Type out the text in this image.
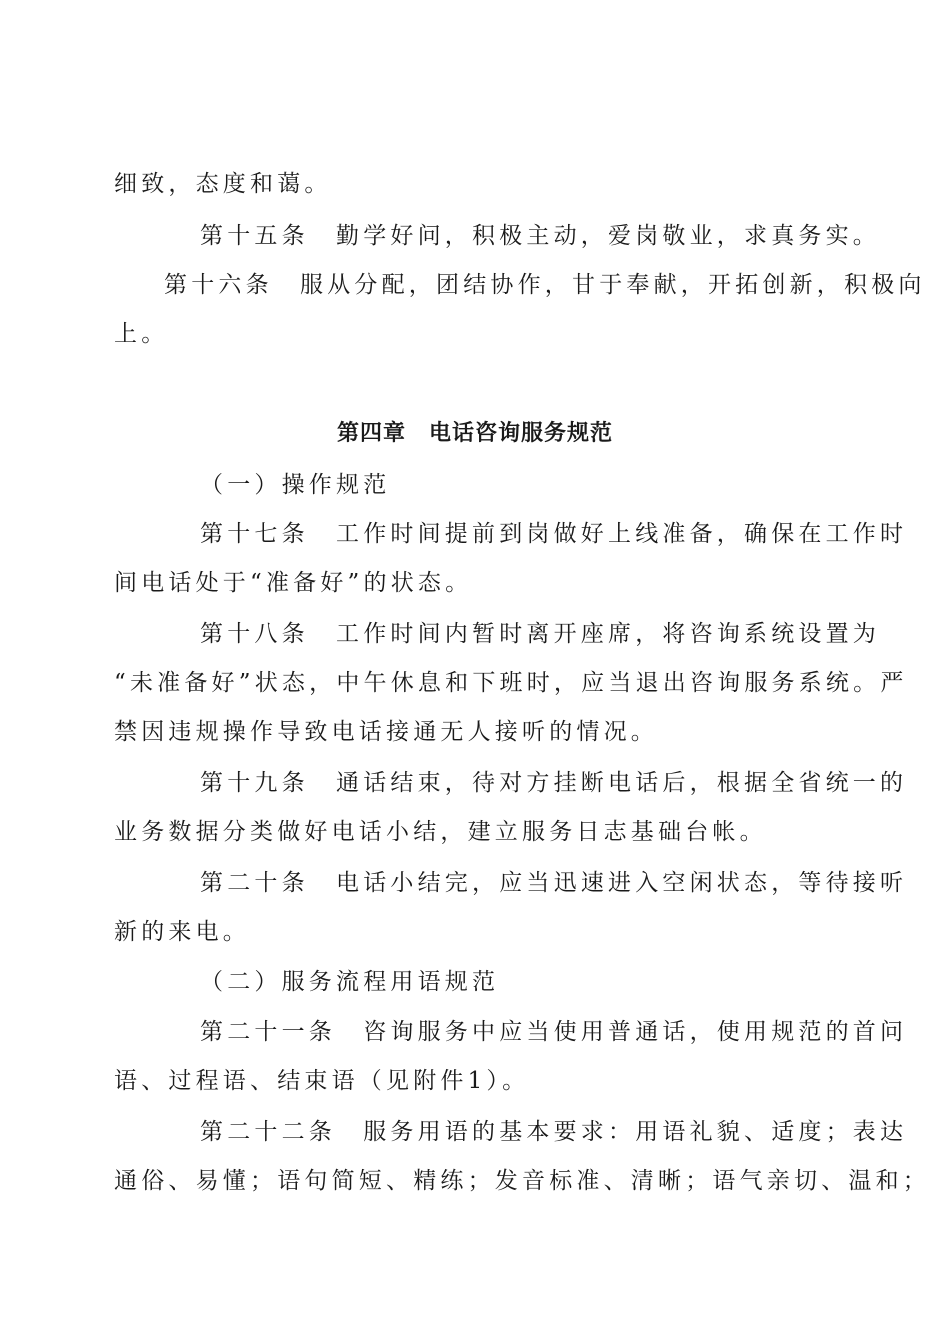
细致，态度和蔼。
第十五条　勤学好问，积极主动，爱岗敬业，求真务实。
第十六条　服从分配，团结协作，甘于奉献，开拓创新，积极向
上。
第四章　电话咨询服务规范
（一）操作规范
第十七条　工作时间提前到岗做好上线准备，确保在工作时
间电话处于“准备好”的状态。
第十八条　工作时间内暂时离开座席，将咨询系统设置为
“未准备好”状态，中午休息和下班时，应当退出咨询服务系统。严
禁因违规操作导致电话接通无人接听的情况。
第十九条　通话结束，待对方挂断电话后，根据全省统一的
业务数据分类做好电话小结，建立服务日志基础台帐。
第二十条　电话小结完，应当迅速进入空闲状态，等待接听
新的来电。
（二）服务流程用语规范
第二十一条　咨询服务中应当使用普通话，使用规范的首问
语、过程语、结束语（见附件1）。
第二十二条　服务用语的基本要求：用语礼貌、适度；表达
通俗、易懂；语句简短、精练；发音标准、清晰；语气亲切、温和；
